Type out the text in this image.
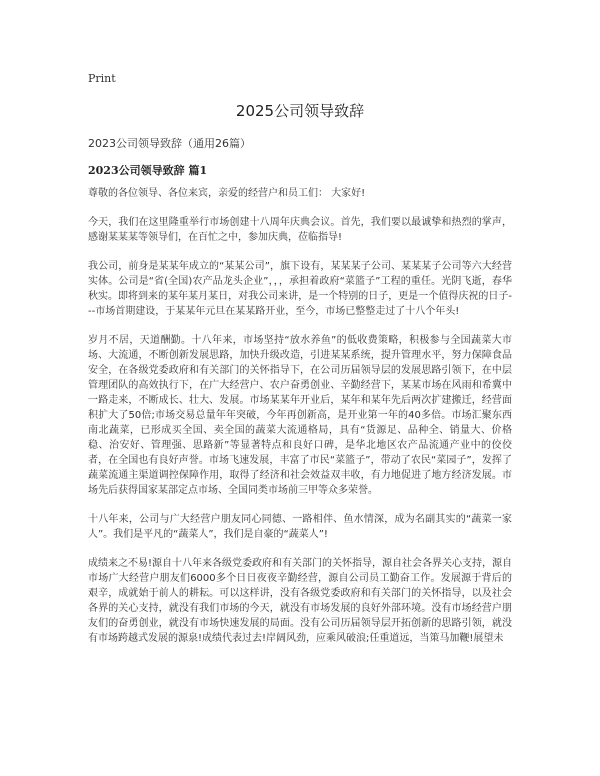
Print
2025公司领导致辞
2023公司领导致辞（通用26篇）
2023公司领导致辞 篇1

尊敬的各位领导、各位来宾，亲爱的经营户和员工们： 大家好!

今天，我们在这里隆重举行市场创建十八周年庆典会议。首先，我们要以最诚挚和热烈的掌声，感谢某某某等领导们，在百忙之中，参加庆典，莅临指导!

我公司，前身是某某年成立的“某某公司”，旗下设有，某某某子公司、某某某子公司等六大经营实体。公司是“省(全国)农产品龙头企业”，，，承担着政府“菜篮子”工程的重任。光阴飞逝，春华秋实。即将到来的某年某月某日，对我公司来讲，是一个特别的日子，更是一个值得庆祝的日子---市场首期建设，于某某年元旦在某某路开业，至今，市场已整整走过了十八个年头!

岁月不居，天道酬勤。十八年来，市场坚持“放水养鱼”的低收费策略，积极参与全国蔬菜大市场、大流通，不断创新发展思路，加快升级改造，引进某某系统，提升管理水平，努力保障食品安全，在各级党委政府和有关部门的关怀指导下，在公司历届领导层的发展思路引领下，在中层管理团队的高效执行下，在广大经营户、农户奋勇创业、辛勤经营下，某某市场在风雨和希冀中一路走来，不断成长、壮大、发展。市场某某年开业后，某年和某年先后两次扩建搬迁，经营面积扩大了50倍;市场交易总量年年突破，今年再创新高，是开业第一年的40多倍。市场汇聚东西南北蔬菜，已形成买全国、卖全国的蔬菜大流通格局，具有“货源足、品种全、销量大、价格稳、治安好、管理强、思路新”等显著特点和良好口碑，是华北地区农产品流通产业中的佼佼者，在全国也有良好声誉。市场飞速发展，丰富了市民“菜篮子”，带动了农民“菜园子”，发挥了蔬菜流通主渠道调控保障作用，取得了经济和社会效益双丰收，有力地促进了地方经济发展。市场先后获得国家某部定点市场、全国同类市场前三甲等众多荣誉。

十八年来，公司与广大经营户朋友同心同德、一路相伴、鱼水情深，成为名副其实的“蔬菜一家人”。我们是平凡的“蔬菜人”，我们是自豪的“蔬菜人”!

成绩来之不易!源自十八年来各级党委政府和有关部门的关怀指导，源自社会各界关心支持，源自市场广大经营户朋友们6000多个日日夜夜辛勤经营，源自公司员工勤奋工作。发展源于背后的艰辛，成就始于前人的耕耘。可以这样讲，没有各级党委政府和有关部门的关怀指导，以及社会各界的关心支持，就没有我们市场的今天，就没有市场发展的良好外部环境。没有市场经营户朋友们的奋勇创业，就没有市场快速发展的局面。没有公司历届领导层开拓创新的思路引领，就没有市场跨越式发展的源泉!成绩代表过去!岸阔风劲，应乘风破浪;任重道远，当策马加鞭!展望未
